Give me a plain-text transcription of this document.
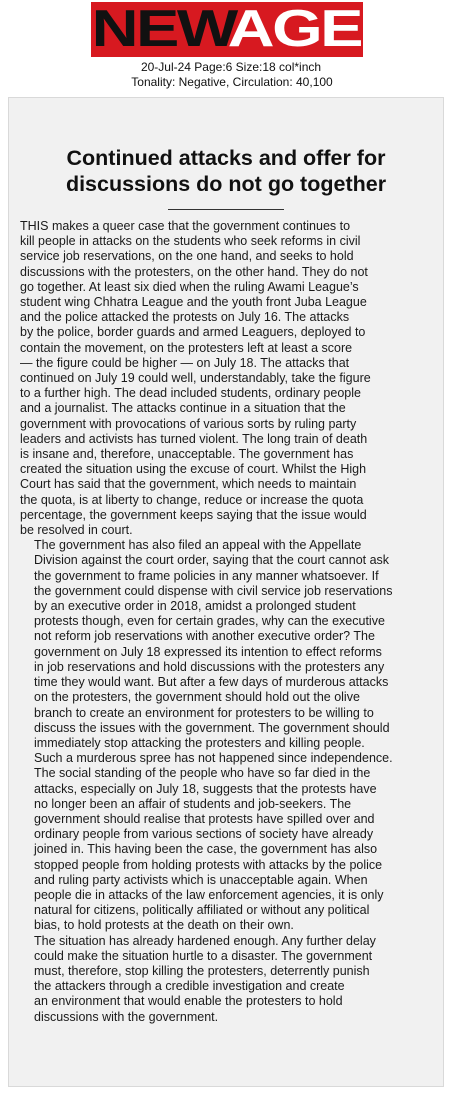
NEW
AGE
20-Jul-24 Page:6 Size:18 col*inch
Tonality: Negative, Circulation: 40,100
Continued attacks and offer for
discussions do not go together

THIS makes a queer case that the government continues to
kill people in attacks on the students who seek reforms in civil
service job reservations, on the one hand, and seeks to hold
discussions with the protesters, on the other hand. They do not
go together. At least six died when the ruling Awami League’s
student wing Chhatra League and the youth front Juba League
and the police attacked the protests on July 16. The attacks
by the police, border guards and armed Leaguers, deployed to
contain the movement, on the protesters left at least a score
— the figure could be higher — on July 18. The attacks that
continued on July 19 could well, understandably, take the figure
to a further high. The dead included students, ordinary people
and a journalist. The attacks continue in a situation that the
government with provocations of various sorts by ruling party
leaders and activists has turned violent. The long train of death
is insane and, therefore, unacceptable. The government has
created the situation using the excuse of court. Whilst the High
Court has said that the government, which needs to maintain
the quota, is at liberty to change, reduce or increase the quota
percentage, the government keeps saying that the issue would
be resolved in court.

The government has also filed an appeal with the Appellate
Division against the court order, saying that the court cannot ask
the government to frame policies in any manner whatsoever. If
the government could dispense with civil service job reservations
by an executive order in 2018, amidst a prolonged student
protests though, even for certain grades, why can the executive
not reform job reservations with another executive order? The
government on July 18 expressed its intention to effect reforms
in job reservations and hold discussions with the protesters any
time they would want. But after a few days of murderous attacks
on the protesters, the government should hold out the olive
branch to create an environment for protesters to be willing to
discuss the issues with the government. The government should
immediately stop attacking the protesters and killing people.
Such a murderous spree has not happened since independence.
The social standing of the people who have so far died in the
attacks, especially on July 18, suggests that the protests have
no longer been an affair of students and job-seekers. The
government should realise that protests have spilled over and
ordinary people from various sections of society have already
joined in. This having been the case, the government has also
stopped people from holding protests with attacks by the police
and ruling party activists which is unacceptable again. When
people die in attacks of the law enforcement agencies, it is only
natural for citizens, politically affiliated or without any political
bias, to hold protests at the death on their own.

The situation has already hardened enough. Any further delay
could make the situation hurtle to a disaster. The government
must, therefore, stop killing the protesters, deterrently punish
the attackers through a credible investigation and create
an environment that would enable the protesters to hold
discussions with the government.
